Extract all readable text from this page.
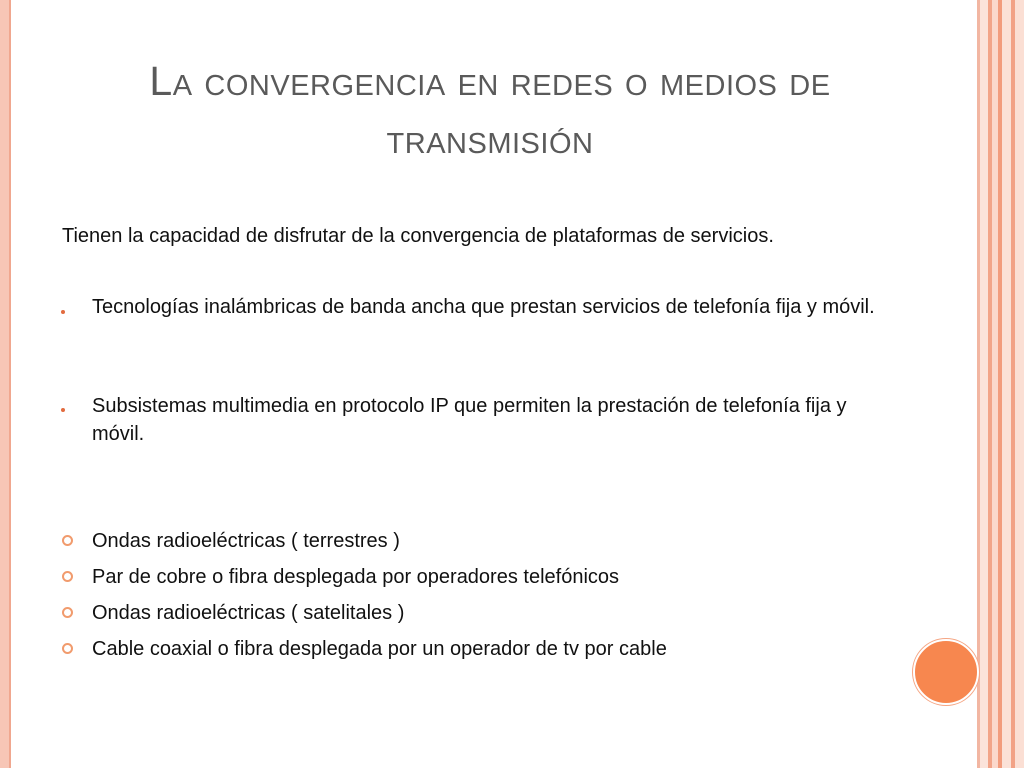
La convergencia en redes o medios de
transmisión
Tienen la capacidad de disfrutar de la convergencia de plataformas de servicios.
Tecnologías inalámbricas de banda ancha que prestan servicios de telefonía fija y móvil.
Subsistemas multimedia en protocolo IP que permiten la prestación de telefonía fija y móvil.
Ondas radioeléctricas ( terrestres )
Par de cobre o fibra desplegada por operadores telefónicos
Ondas radioeléctricas ( satelitales )
Cable coaxial o fibra desplegada por un operador de tv por cable
